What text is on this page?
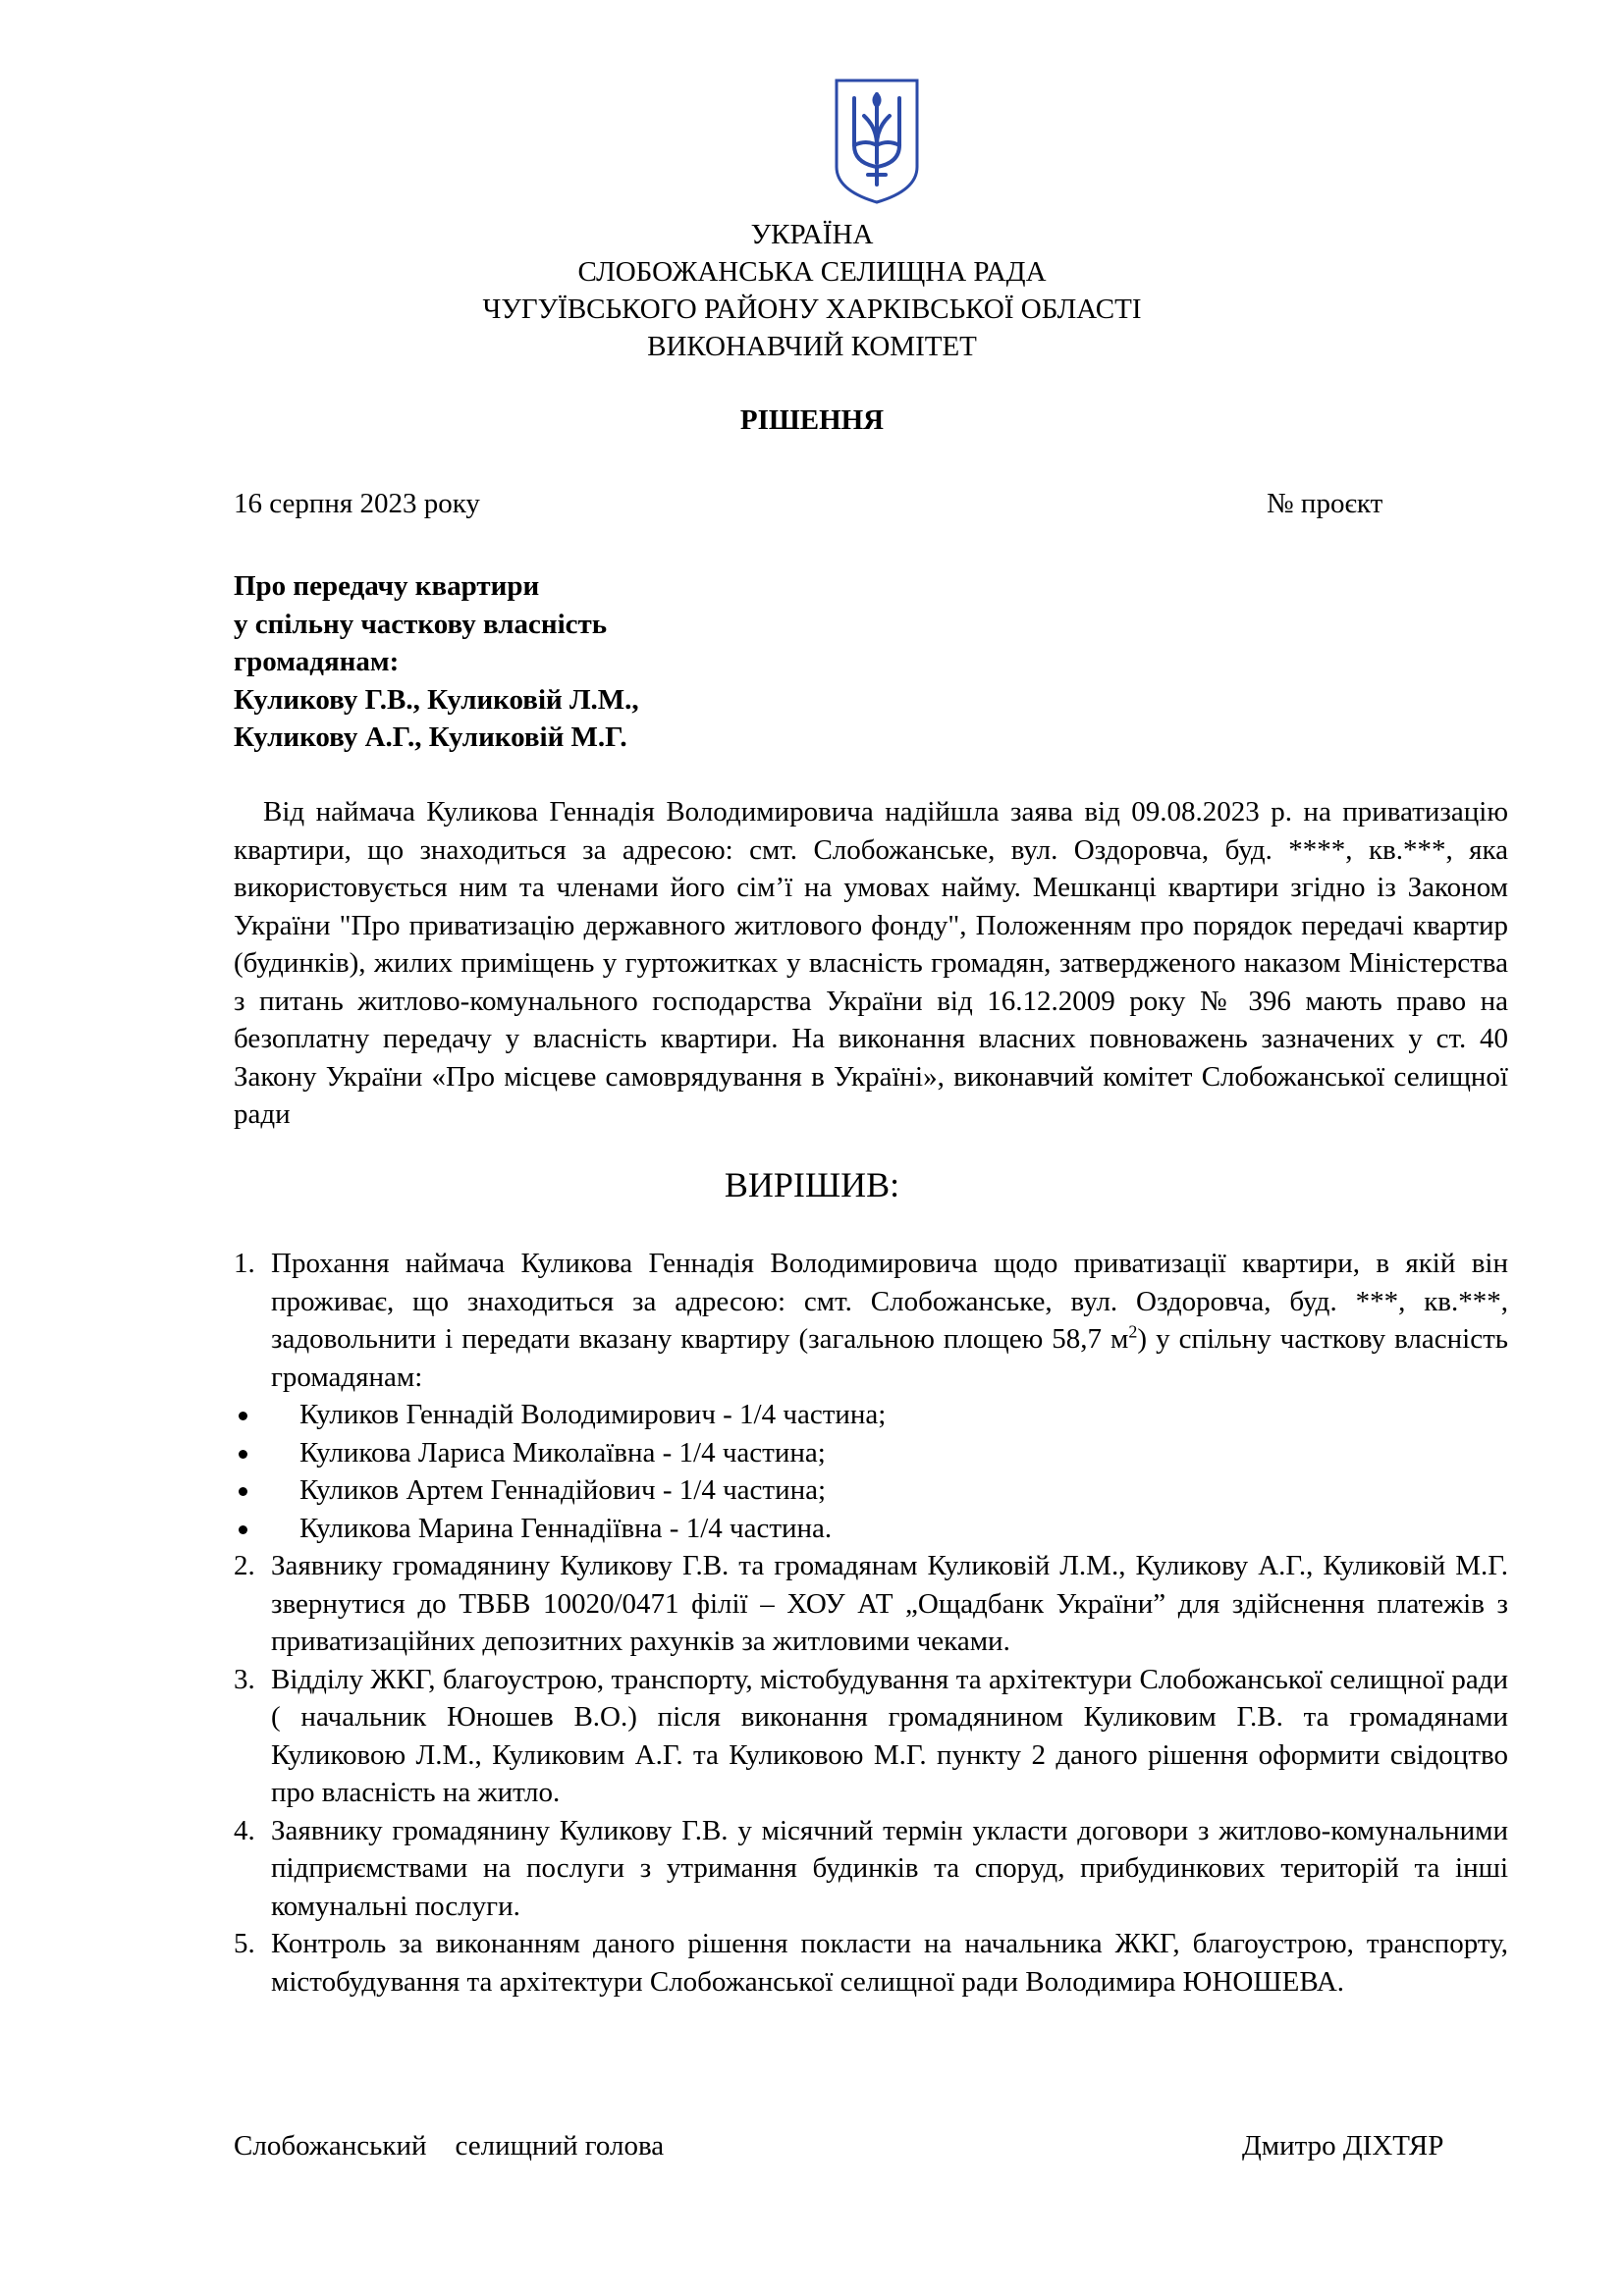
УКРАЇНА
СЛОБОЖАНСЬКА СЕЛИЩНА РАДА
ЧУГУЇВСЬКОГО РАЙОНУ ХАРКІВСЬКОЇ ОБЛАСТІ
ВИКОНАВЧИЙ КОМІТЕТ
РІШЕННЯ
16 серпня 2023 року	№ проєкт
Про передачу квартири
у спільну часткову власність
громадянам:
Куликову Г.В., Куликовій Л.М.,
Куликову А.Г., Куликовій М.Г.
Від наймача Куликова Геннадія Володимировича надійшла заява від 09.08.2023 р. на приватизацію квартири, що знаходиться за адресою: смт. Слобожанське, вул. Оздоровча, буд. ****, кв.***, яка використовується ним та членами його сім’ї на умовах найму. Мешканці квартири згідно із Законом України "Про приватизацію державного житлового фонду", Положенням про порядок передачі квартир (будинків), жилих приміщень у гуртожитках у власність громадян, затвердженого наказом Міністерства з питань житлово-комунального господарства України від 16.12.2009 року № 396 мають право на безоплатну передачу у власність квартири. На виконання власних повноважень зазначених у ст. 40 Закону України «Про місцеве самоврядування в Україні», виконавчий комітет Слобожанської селищної ради
ВИРІШИВ:
1. Прохання наймача Куликова Геннадія Володимировича щодо приватизації квартири, в якій він проживає, що знаходиться за адресою: смт. Слобожанське, вул. Оздоровча, буд. ***, кв.***, задовольнити і передати вказану квартиру (загальною площею 58,7 $м^2$) у спільну часткову власність громадянам:
Куликов Геннадій Володимирович - 1/4 частина;
Куликова Лариса Миколаївна - 1/4 частина;
Куликов Артем Геннадійович - 1/4 частина;
Куликова Марина Геннадіївна - 1/4 частина.
2. Заявнику громадянину Куликову Г.В. та громадянам Куликовій Л.М., Куликову А.Г., Куликовій М.Г. звернутися до ТВБВ 10020/0471 філії – ХОУ АТ „Ощадбанк України” для здійснення платежів з приватизаційних депозитних рахунків за житловими чеками.
3. Відділу ЖКГ, благоустрою, транспорту, містобудування та архітектури Слобожанської селищної ради ( начальник Юношев В.О.) після виконання громадянином Куликовим Г.В. та громадянами Куликовою Л.М., Куликовим А.Г. та Куликовою М.Г. пункту 2 даного рішення оформити свідоцтво про власність на житло.
4. Заявнику громадянину Куликову Г.В. у місячний термін укласти договори з житлово-комунальними підприємствами на послуги з утримання будинків та споруд, прибудинкових територій та інші комунальні послуги.
5. Контроль за виконанням даного рішення покласти на начальника ЖКГ, благоустрою, транспорту, містобудування та архітектури Слобожанської селищної ради Володимира ЮНОШЕВА.
Слобожанський    селищний голова	Дмитро ДІХТЯР
